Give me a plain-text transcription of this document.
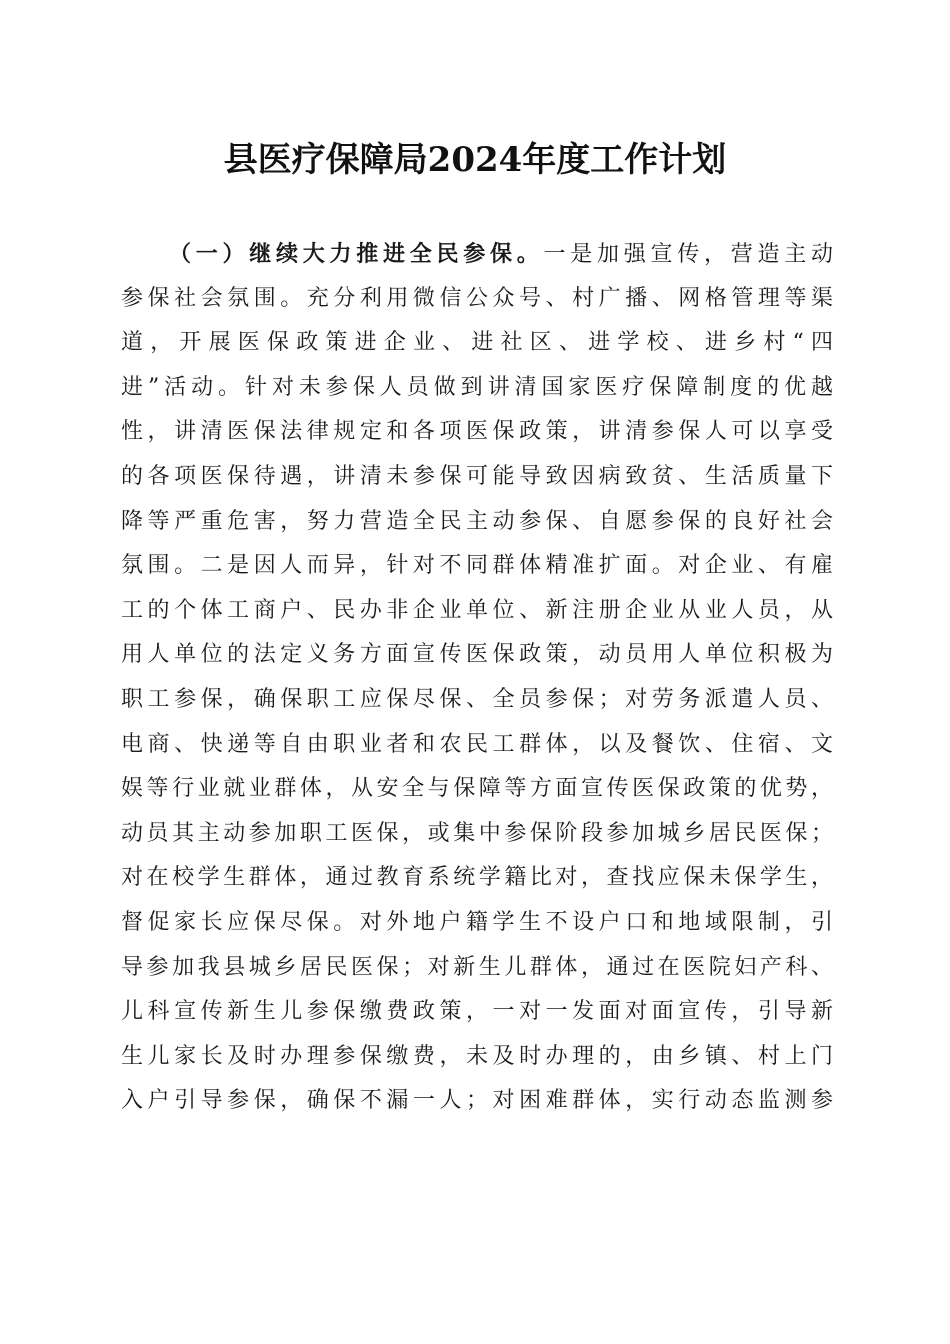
县医疗保障局2024年度工作计划
（一）继续大力推进全民参保。一是加强宣传，营造主动
参保社会氛围。充分利用微信公众号、村广播、网格管理等渠
道，开展医保政策进企业、进社区、进学校、进乡村“四
进”活动。针对未参保人员做到讲清国家医疗保障制度的优越
性，讲清医保法律规定和各项医保政策，讲清参保人可以享受
的各项医保待遇，讲清未参保可能导致因病致贫、生活质量下
降等严重危害，努力营造全民主动参保、自愿参保的良好社会
氛围。二是因人而异，针对不同群体精准扩面。对企业、有雇
工的个体工商户、民办非企业单位、新注册企业从业人员，从
用人单位的法定义务方面宣传医保政策，动员用人单位积极为
职工参保，确保职工应保尽保、全员参保；对劳务派遣人员、
电商、快递等自由职业者和农民工群体，以及餐饮、住宿、文
娱等行业就业群体，从安全与保障等方面宣传医保政策的优势，
动员其主动参加职工医保，或集中参保阶段参加城乡居民医保；
对在校学生群体，通过教育系统学籍比对，查找应保未保学生，
督促家长应保尽保。对外地户籍学生不设户口和地域限制，引
导参加我县城乡居民医保；对新生儿群体，通过在医院妇产科、
儿科宣传新生儿参保缴费政策，一对一发面对面宣传，引导新
生儿家长及时办理参保缴费，未及时办理的，由乡镇、村上门
入户引导参保，确保不漏一人；对困难群体，实行动态监测参
